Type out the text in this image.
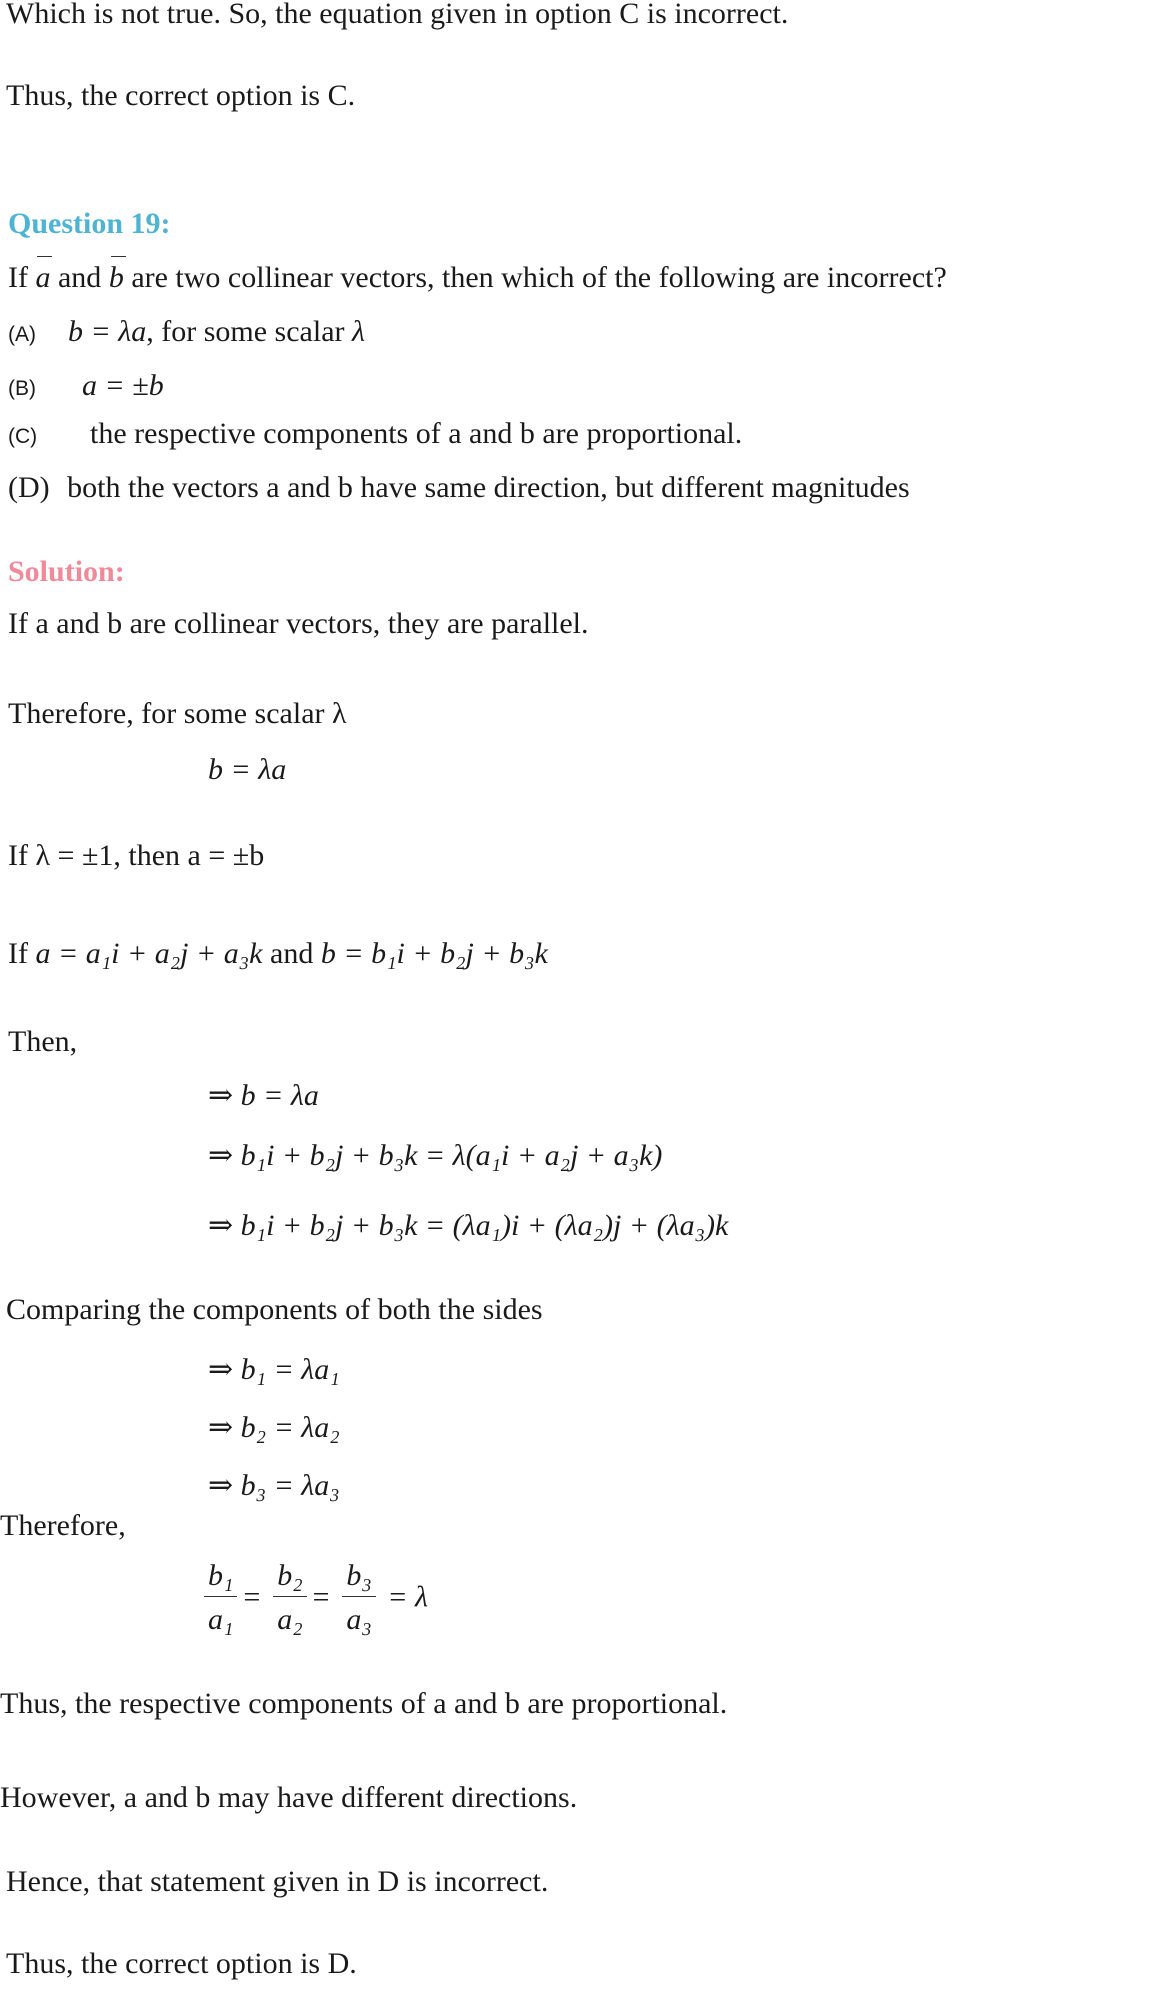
Which is not true. So, the equation given in option C is incorrect.
Thus, the correct option is C.
Question 19:
If a and b are two collinear vectors, then which of the following are incorrect?
(A) b = λa, for some scalar λ
(B) a = ±b
(C) the respective components of a and b are proportional.
(D) both the vectors a and b have same direction, but different magnitudes
Solution:
If a and b are collinear vectors, they are parallel.
Therefore, for some scalar λ
b = λa
If λ = ±1, then a = ±b
If a = a₁i + a₂j + a₃k and b = b₁i + b₂j + b₃k
Then,
⇒ b = λa
⇒ b₁i + b₂j + b₃k = λ(a₁i + a₂j + a₃k)
⇒ b₁i + b₂j + b₃k = (λa₁)i + (λa₂)j + (λa₃)k
Comparing the components of both the sides
⇒ b₁ = λa₁
⇒ b₂ = λa₂
⇒ b₃ = λa₃
Therefore,
$\frac{\text{b₁}}{\text{a₁}} = \frac{\text{b₂}}{\text{a₂}} = \frac{\text{b₃}}{\text{a₃}} = \lambda$
Thus, the respective components of a and b are proportional.
However, a and b may have different directions.
Hence, that statement given in D is incorrect.
Thus, the correct option is D.
